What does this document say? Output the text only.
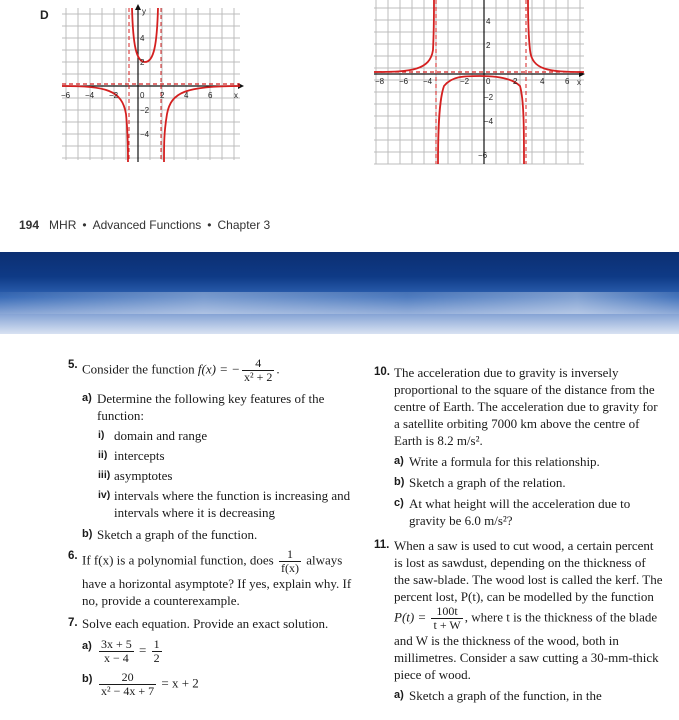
D	y
x
−6 −4 −2	0 2 4 6
4
2
−2
−4
x
−8 −6 −4	−2 0	2	4	6
4
2
−2
−4
−6
194 MHR • Advanced Functions • Chapter 3
5. Consider the function f(x) = − $\frac{4}{\text{x² + 2}}$ .
a) Determine the following key features of the function:
i) domain and range
ii) intercepts
iii) asymptotes
iv) intervals where the function is increasing and intervals where it is decreasing
b) Sketch a graph of the function.
6. If f(x) is a polynomial function, does $\frac{1}{f(x)}$ always have a horizontal asymptote? If yes, explain why. If no, provide a counterexample.
7. Solve each equation. Provide an exact solution.
$a) \frac{3x + 5}{x - 4} = \frac{1}{2}$
$b) \frac{20}{\text{x² − 4x + 7}} = x + 2$
10. The acceleration due to gravity is inversely proportional to the square of the distance from the centre of Earth. The acceleration due to gravity for a satellite orbiting 7000 km above the centre of Earth is 8.2 m/s².
a) Write a formula for this relationship.
b) Sketch a graph of the relation.
c) At what height will the acceleration due to gravity be 6.0 m/s²?
11. When a saw is used to cut wood, a certain percent is lost as sawdust, depending on the thickness of the saw-blade. The wood lost is called the kerf. The percent lost, P(t), can be modelled by the function $P(t) = \frac{100t}{t + W}$ , where t is the thickness of the blade and W is the thickness of the wood, both in millimetres. Consider a saw cutting a 30-mm-thick piece of wood.
a) Sketch a graph of the function, in the
